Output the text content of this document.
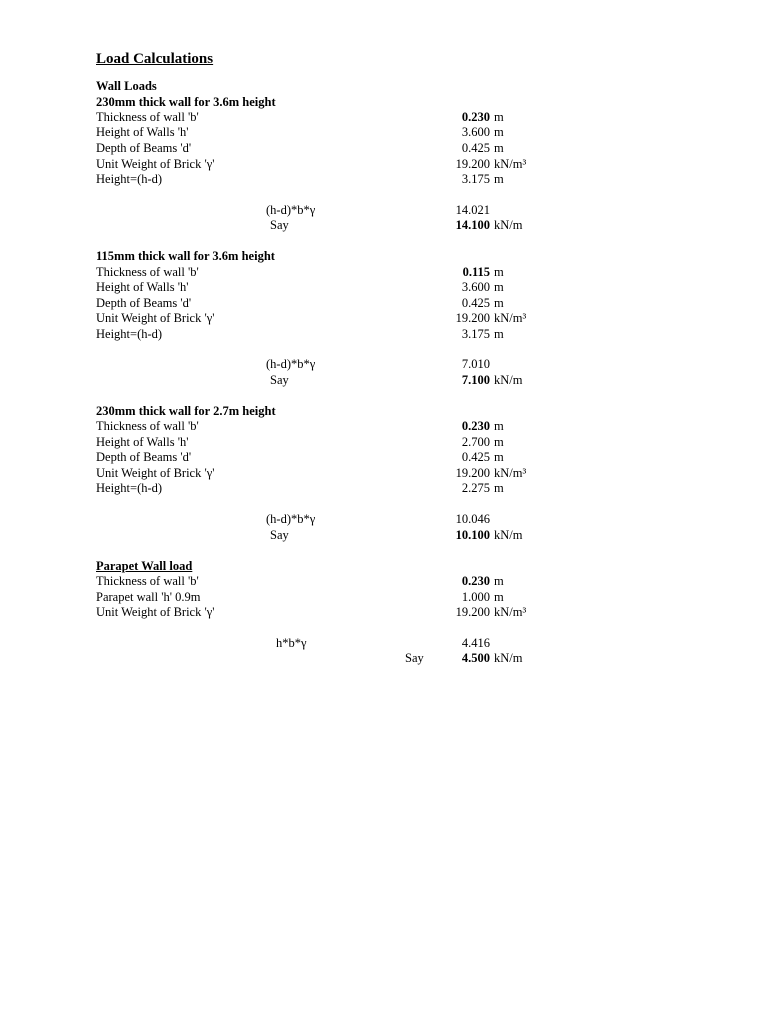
Load Calculations
Wall Loads
230mm thick wall for 3.6m height
Thickness of wall 'b'	0.230 m
Height of Walls 'h'	3.600 m
Depth of Beams 'd'	0.425 m
Unit Weight of Brick 'γ'	19.200 kN/m³
Height=(h-d)	3.175 m
(h-d)*b*γ	14.021
Say	14.100 kN/m
115mm thick wall for 3.6m height
Thickness of wall 'b'	0.115 m
Height of Walls 'h'	3.600 m
Depth of Beams 'd'	0.425 m
Unit Weight of Brick 'γ'	19.200 kN/m³
Height=(h-d)	3.175 m
(h-d)*b*γ	7.010
Say	7.100 kN/m
230mm thick wall for 2.7m height
Thickness of wall 'b'	0.230 m
Height of Walls 'h'	2.700 m
Depth of Beams 'd'	0.425 m
Unit Weight of Brick 'γ'	19.200 kN/m³
Height=(h-d)	2.275 m
(h-d)*b*γ	10.046
Say	10.100 kN/m
Parapet Wall load
Thickness of wall 'b'	0.230 m
Parapet wall 'h' 0.9m	1.000 m
Unit Weight of Brick 'γ'	19.200 kN/m³
h*b*γ	4.416
Say	4.500 kN/m
